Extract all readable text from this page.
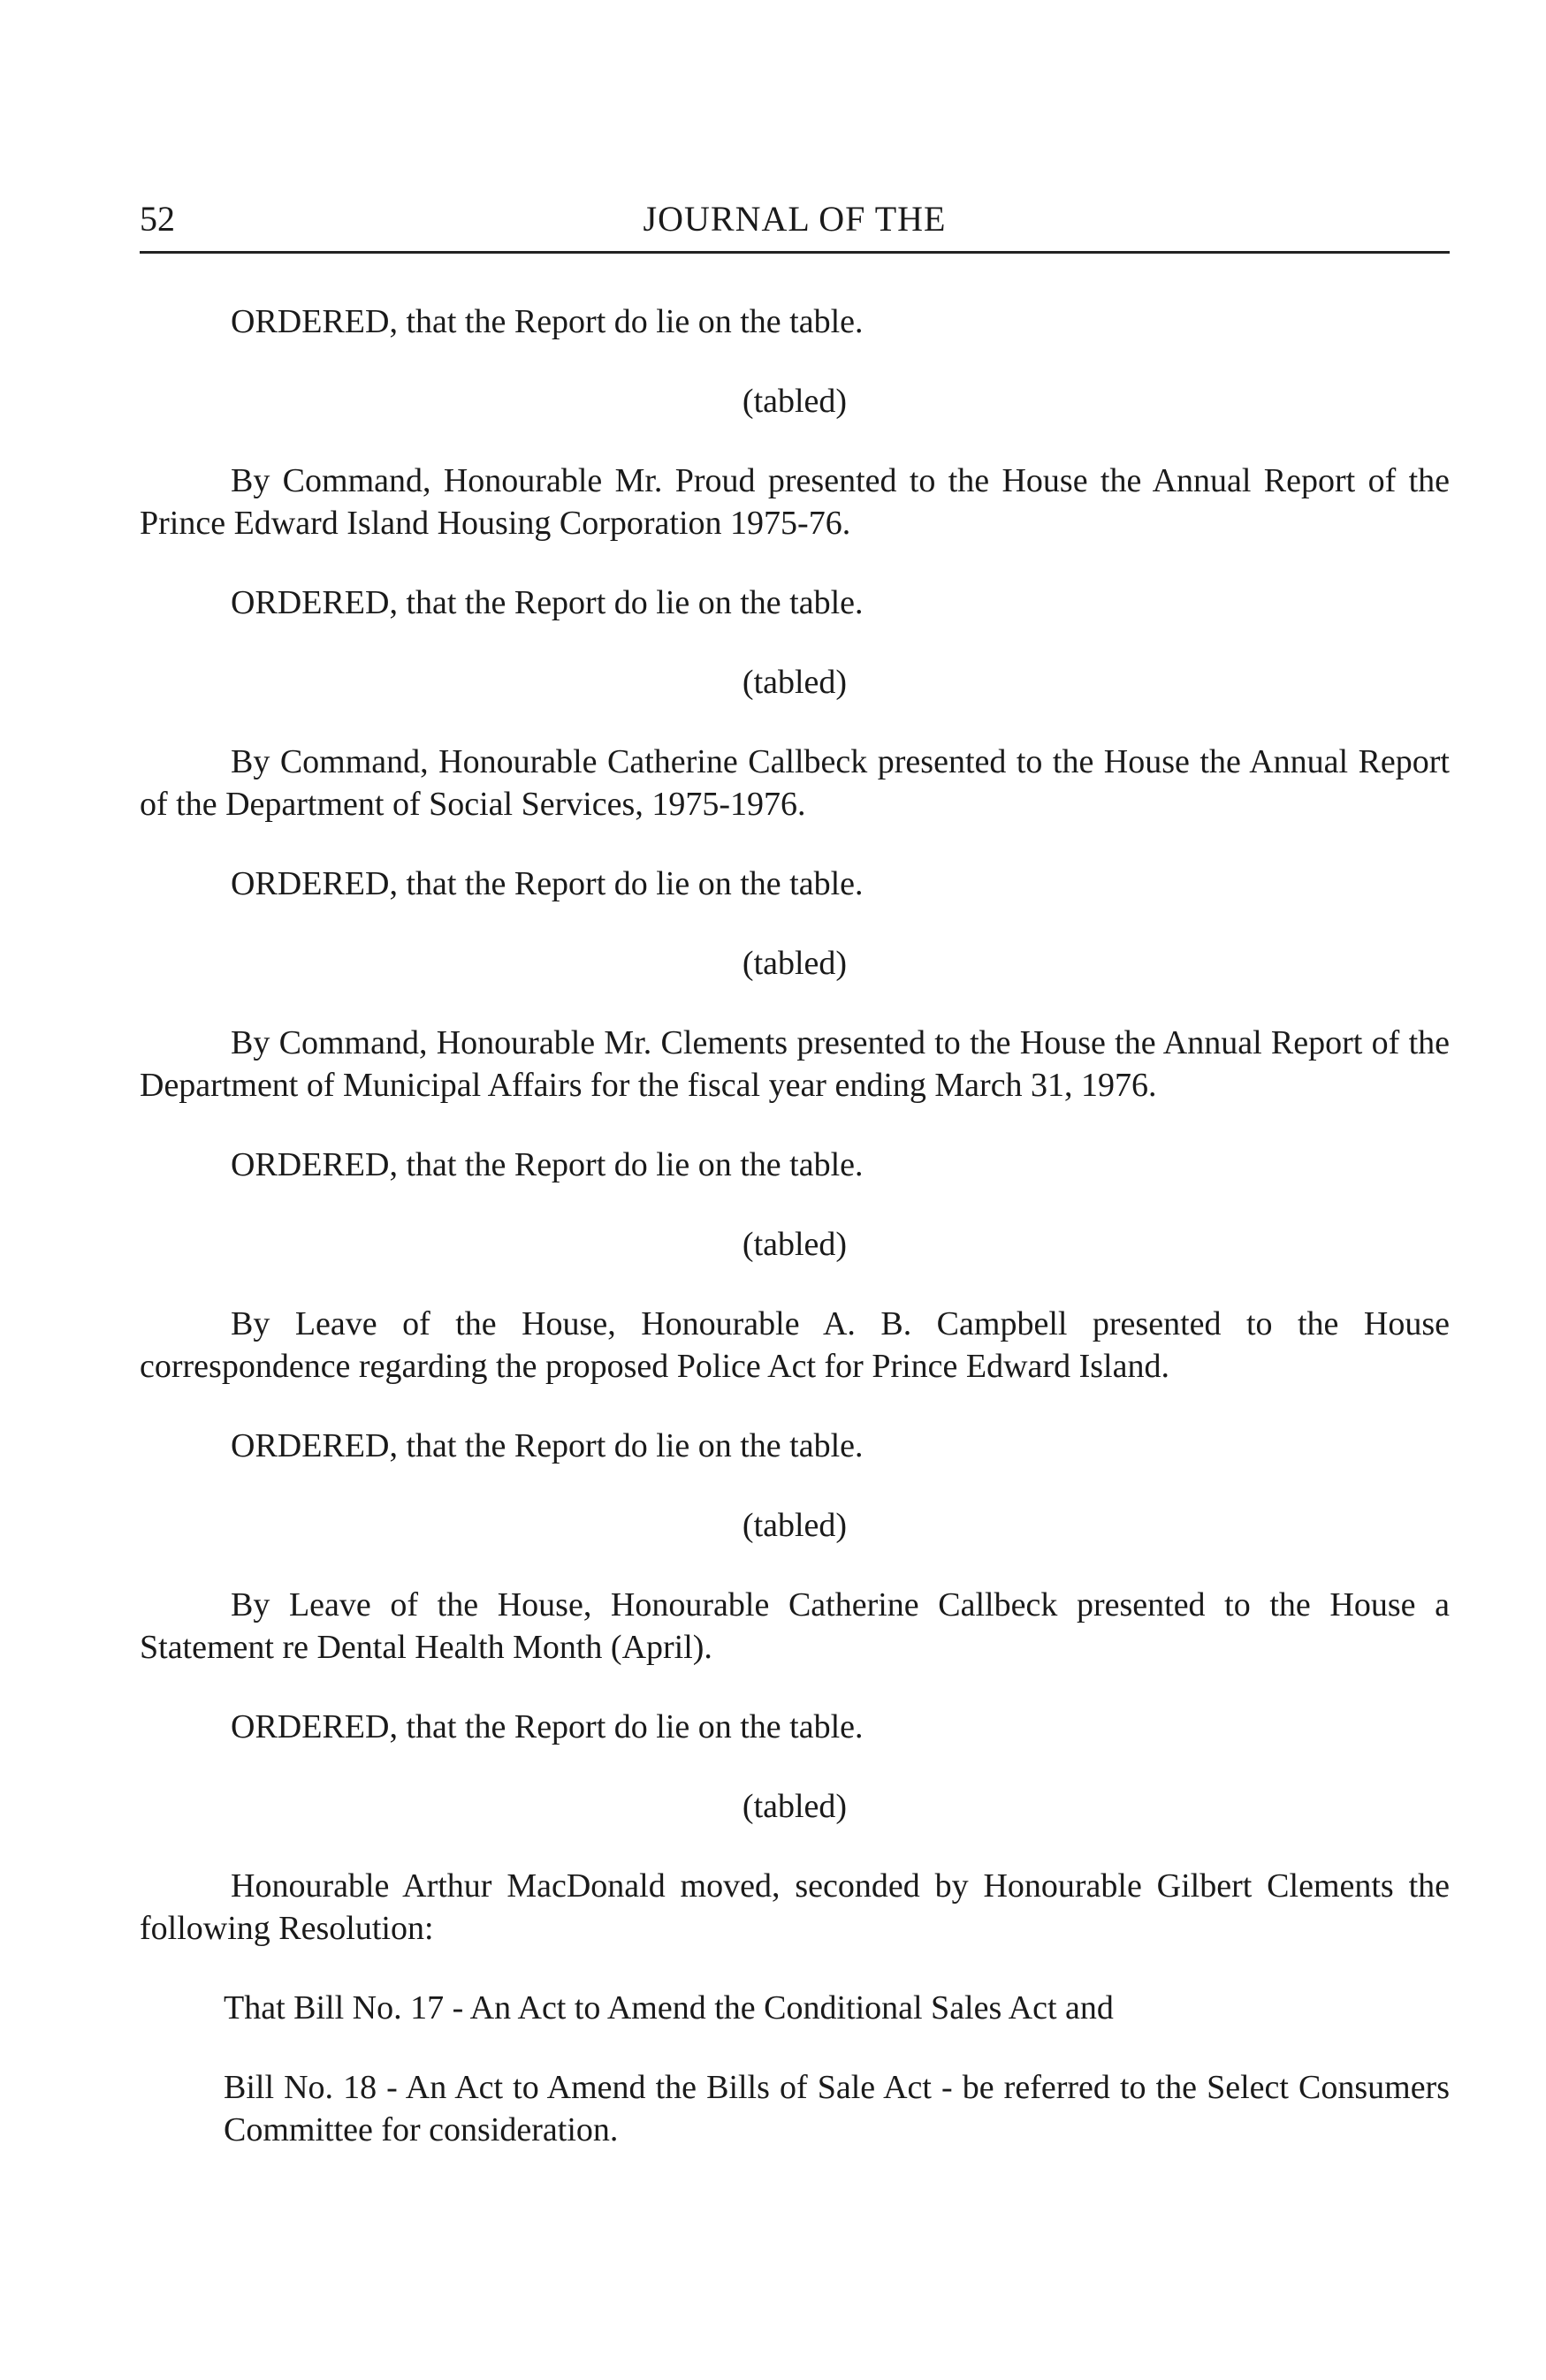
52	JOURNAL OF THE

ORDERED, that the Report do lie on the table.

(tabled)

By Command, Honourable Mr. Proud presented to the House the Annual Report of the Prince Edward Island Housing Corporation 1975-76.

ORDERED, that the Report do lie on the table.

(tabled)

By Command, Honourable Catherine Callbeck presented to the House the Annual Report of the Department of Social Services, 1975-1976.

ORDERED, that the Report do lie on the table.

(tabled)

By Command, Honourable Mr. Clements presented to the House the Annual Report of the Department of Municipal Affairs for the fiscal year ending March 31, 1976.

ORDERED, that the Report do lie on the table.

(tabled)

By Leave of the House, Honourable A. B. Campbell presented to the House correspondence regarding the proposed Police Act for Prince Edward Island.

ORDERED, that the Report do lie on the table.

(tabled)

By Leave of the House, Honourable Catherine Callbeck presented to the House a Statement re Dental Health Month (April).

ORDERED, that the Report do lie on the table.

(tabled)

Honourable Arthur MacDonald moved, seconded by Honourable Gilbert Clements the following Resolution:

That Bill No. 17 - An Act to Amend the Conditional Sales Act and

Bill No. 18 - An Act to Amend the Bills of Sale Act - be referred to the Select Consumers Committee for consideration.
